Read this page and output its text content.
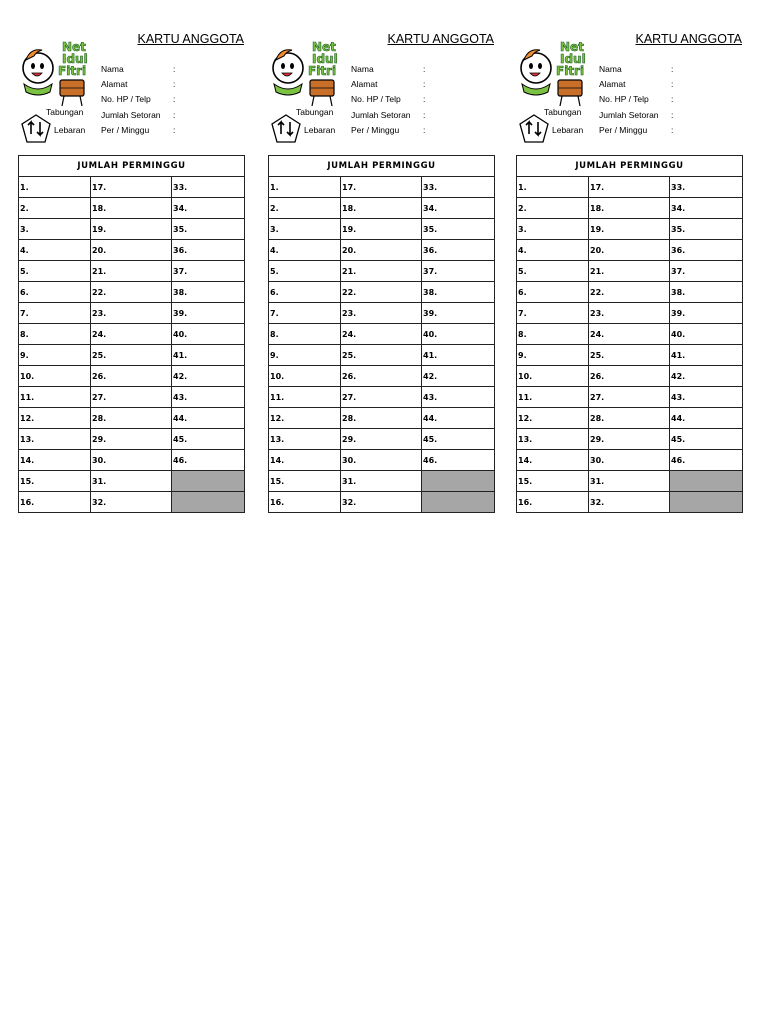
KARTU ANGGOTA
Net
Idul
Fitri Nama	:
Alamat	:
No. HP / Telp	:
Tabungan Jumlah Setoran :
Lebaran Per / Minggu	:
JUMLAH PERMINGGU		
1.	17.	33.
2.	18.	34.
3.	19.	35.
4.	20.	36.
5.	21.	37.
6.	22.	38.
7.	23.	39.
8.	24.	40.
9.	25.	41.
10.	26.	42.
11.	27.	43.
12.	28.	44.
13.	29.	45.
14.	30.	46.
15.	31.	
16.	32.	
KARTU ANGGOTA
Net
Idul
Fitri Nama	:
Alamat	:
No. HP / Telp	:
Tabungan Jumlah Setoran :
Lebaran Per / Minggu	:
JUMLAH PERMINGGU		
1.	17.	33.
2.	18.	34.
3.	19.	35.
4.	20.	36.
5.	21.	37.
6.	22.	38.
7.	23.	39.
8.	24.	40.
9.	25.	41.
10.	26.	42.
11.	27.	43.
12.	28.	44.
13.	29.	45.
14.	30.	46.
15.	31.	
16.	32.	
KARTU ANGGOTA
Net
Idul
Fitri Nama	:
Alamat	:
No. HP / Telp	:
Tabungan Jumlah Setoran :
Lebaran Per / Minggu	:
JUMLAH PERMINGGU		
1.	17.	33.
2.	18.	34.
3.	19.	35.
4.	20.	36.
5.	21.	37.
6.	22.	38.
7.	23.	39.
8.	24.	40.
9.	25.	41.
10.	26.	42.
11.	27.	43.
12.	28.	44.
13.	29.	45.
14.	30.	46.
15.	31.	
16.	32.	
